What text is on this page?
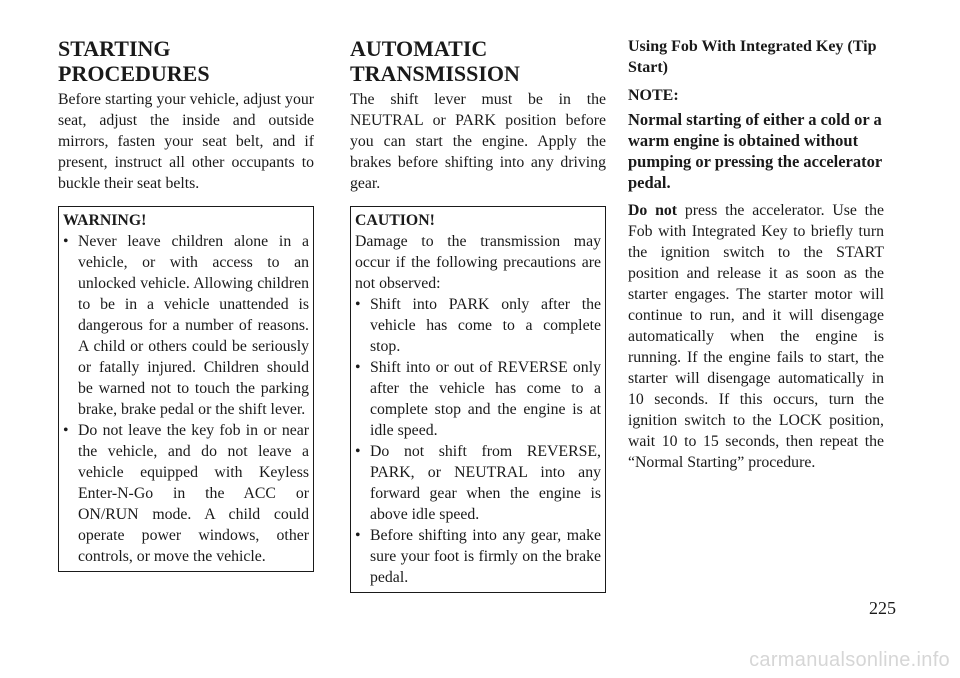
STARTING PROCEDURES

Before starting your vehicle, adjust your seat, adjust the inside and outside mirrors, fasten your seat belt, and if present, instruct all other occupants to buckle their seat belts.

WARNING!

• Never leave children alone in a vehicle, or with access to an unlocked vehicle. Allowing children to be in a vehicle unattended is dangerous for a number of reasons. A child or others could be seriously or fatally injured. Children should be warned not to touch the parking brake, brake pedal or the shift lever.
• Do not leave the key fob in or near the vehicle, and do not leave a vehicle equipped with Keyless Enter-N-Go in the ACC or ON/RUN mode. A child could operate power windows, other controls, or move the vehicle.
AUTOMATIC TRANSMISSION

The shift lever must be in the NEUTRAL or PARK position before you can start the engine. Apply the brakes before shifting into any driving gear.

CAUTION!

Damage to the transmission may occur if the following precautions are not observed:

• Shift into PARK only after the vehicle has come to a complete stop.
• Shift into or out of REVERSE only after the vehicle has come to a complete stop and the engine is at idle speed.
• Do not shift from REVERSE, PARK, or NEUTRAL into any forward gear when the engine is above idle speed.
• Before shifting into any gear, make sure your foot is firmly on the brake pedal.

Using Fob With Integrated Key (Tip Start)

NOTE:

Normal starting of either a cold or a warm engine is obtained without pumping or pressing the accelerator pedal.

Do not press the accelerator. Use the Fob with Integrated Key to briefly turn the ignition switch to the START position and release it as soon as the starter engages. The starter motor will continue to run, and it will disengage automatically when the engine is running. If the engine fails to start, the starter will disengage automatically in 10 seconds. If this occurs, turn the ignition switch to the LOCK position, wait 10 to 15 seconds, then repeat the “Normal Starting” procedure.

225
carmanualsonline.info
